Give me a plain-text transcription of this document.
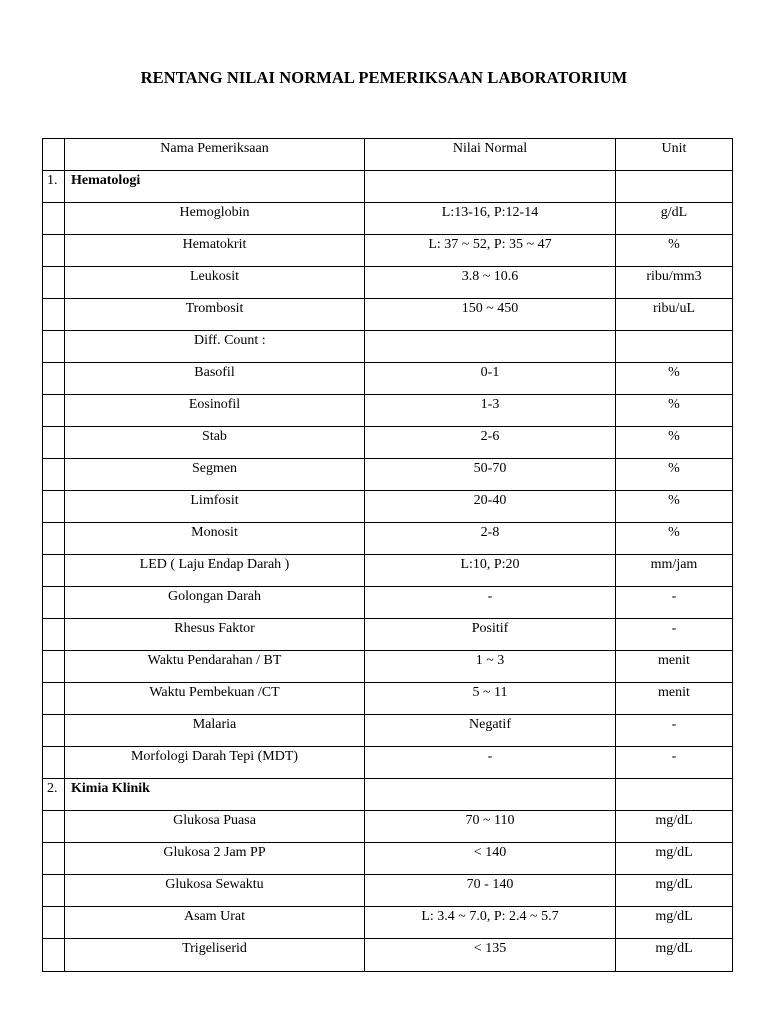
RENTANG NILAI NORMAL PEMERIKSAAN LABORATORIUM

	Nama Pemeriksaan	Nilai Normal	Unit

1.	Hematologi		

	Hemoglobin	L:13-16, P:12-14	g/dL

	Hematokrit	L: 37 ~ 52, P: 35 ~ 47	%

	Leukosit	3.8 ~ 10.6	ribu/mm3

	Trombosit	150 ~ 450	ribu/uL

	Diff. Count :		

	Basofil	0-1	%

	Eosinofil	1-3	%

	Stab	2-6	%

	Segmen	50-70	%

	Limfosit	20-40	%

	Monosit	2-8	%

	LED ( Laju Endap Darah )	L:10, P:20	mm/jam

	Golongan Darah	-	-

	Rhesus Faktor	Positif	-

	Waktu Pendarahan / BT	1 ~ 3	menit

	Waktu Pembekuan /CT	5 ~ 11	menit

	Malaria	Negatif	-

	Morfologi Darah Tepi (MDT)	-	-

2.	Kimia Klinik		

	Glukosa Puasa	70 ~ 110	mg/dL

	Glukosa 2 Jam PP	< 140	mg/dL

	Glukosa Sewaktu	70 - 140	mg/dL

	Asam Urat	L: 3.4 ~ 7.0, P: 2.4 ~ 5.7	mg/dL

	Trigeliserid	< 135	mg/dL
